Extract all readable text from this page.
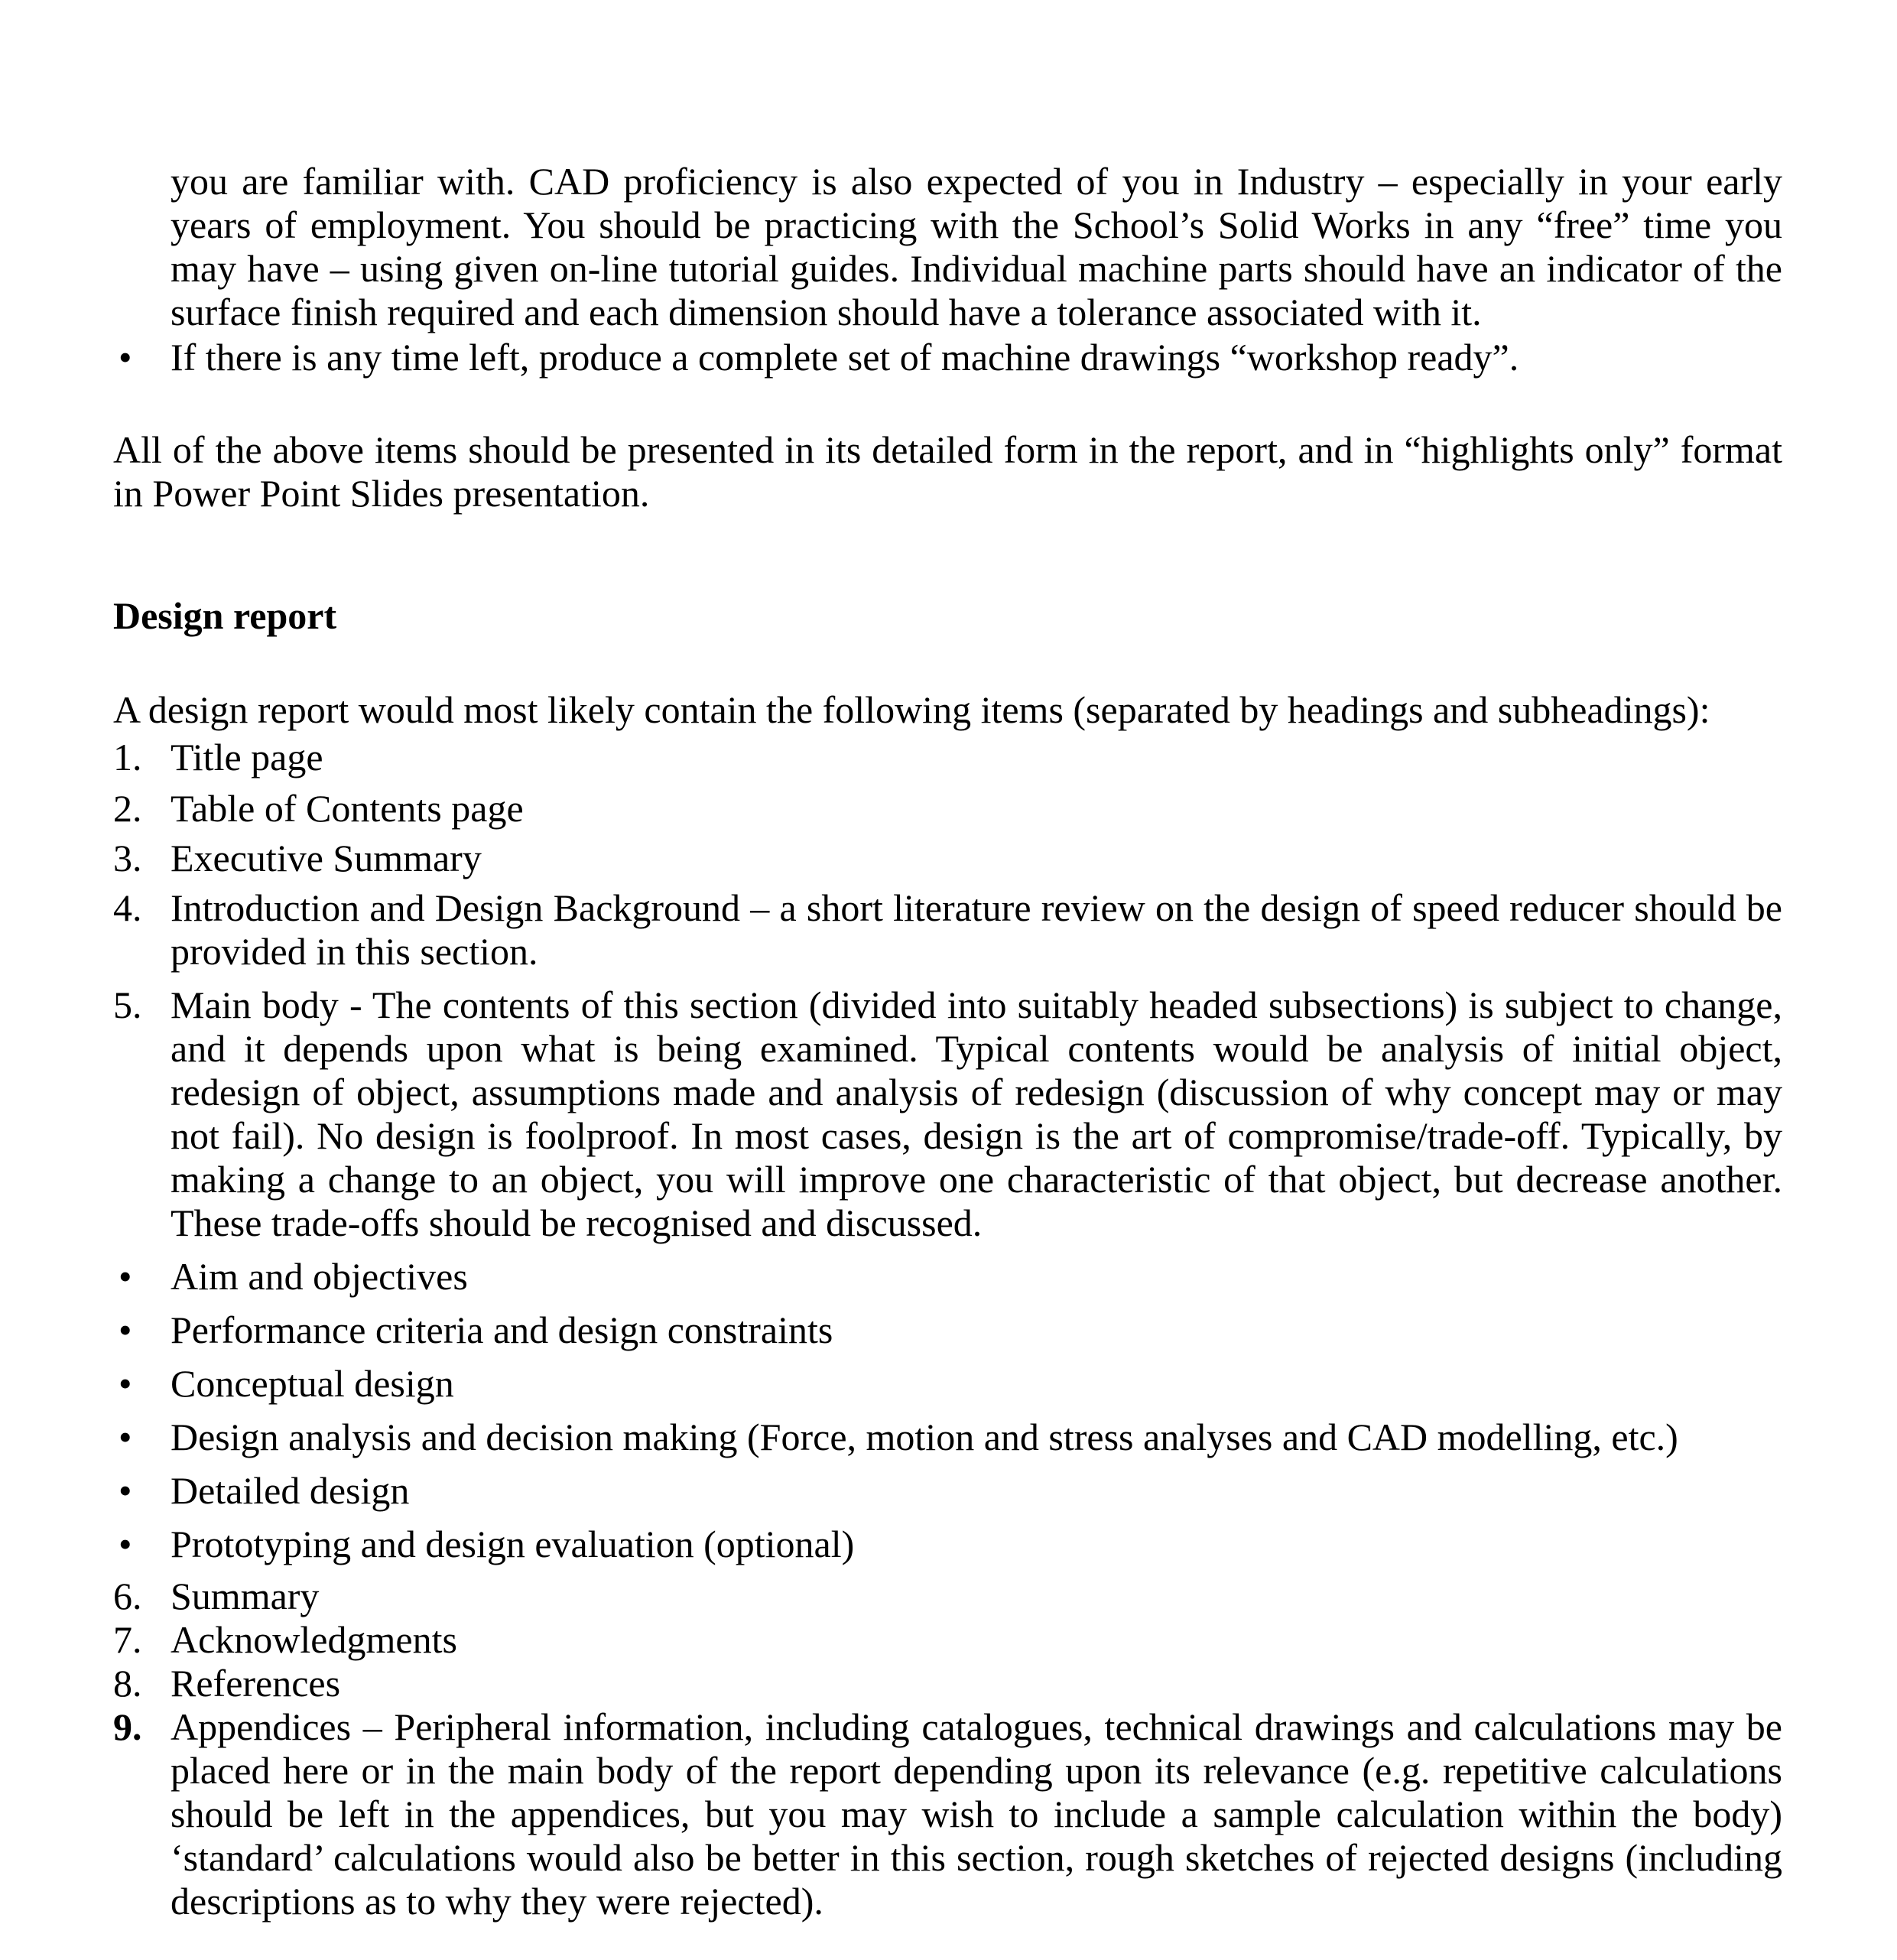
you are familiar with. CAD proficiency is also expected of you in Industry – especially in your early years of employment. You should be practicing with the School’s Solid Works in any “free” time you may have – using given on-line tutorial guides. Individual machine parts should have an indicator of the surface finish required and each dimension should have a tolerance associated with it.

•	If there is any time left, produce a complete set of machine drawings “workshop ready”.

All of the above items should be presented in its detailed form in the report, and in “highlights only” format in Power Point Slides presentation.

Design report

A design report would most likely contain the following items (separated by headings and subheadings):

1. Title page
2. Table of Contents page
3. Executive Summary
4. Introduction and Design Background – a short literature review on the design of speed reducer should be provided in this section.
5. Main body - The contents of this section (divided into suitably headed subsections) is subject to change, and it depends upon what is being examined. Typical contents would be analysis of initial object, redesign of object, assumptions made and analysis of redesign (discussion of why concept may or may not fail). No design is foolproof. In most cases, design is the art of compromise/trade-off. Typically, by making a change to an object, you will improve one characteristic of that object, but decrease another. These trade-offs should be recognised and discussed.
•	Aim and objectives
•	Performance criteria and design constraints
•	Conceptual design
•	Design analysis and decision making (Force, motion and stress analyses and CAD modelling, etc.)
•	Detailed design
•	Prototyping and design evaluation (optional)
6. Summary
7. Acknowledgments
8. References
9. Appendices – Peripheral information, including catalogues, technical drawings and calculations may be placed here or in the main body of the report depending upon its relevance (e.g. repetitive calculations should be left in the appendices, but you may wish to include a sample calculation within the body) ‘standard’ calculations would also be better in this section, rough sketches of rejected designs (including descriptions as to why they were rejected).
